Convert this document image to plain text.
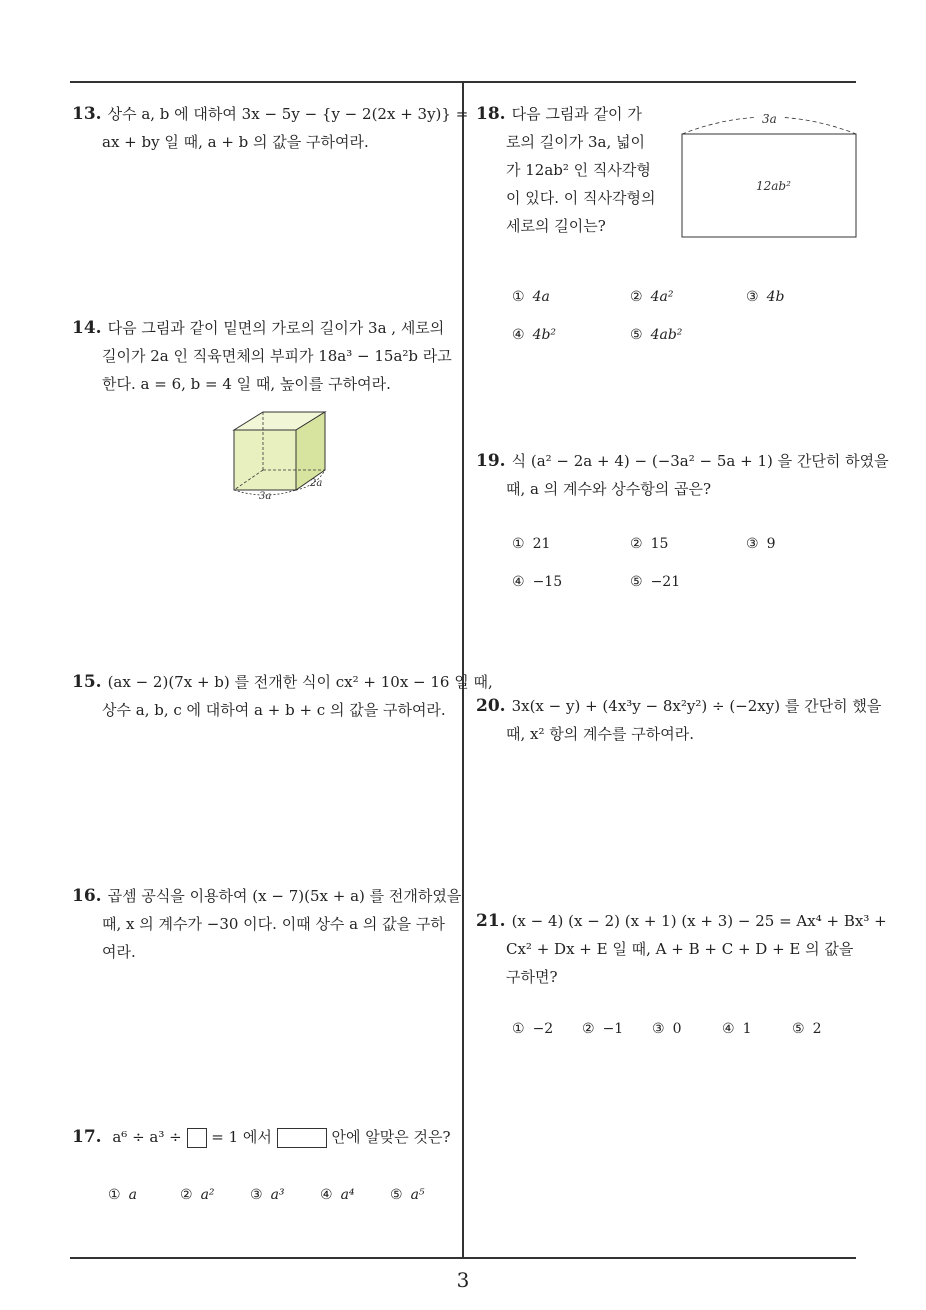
13. 상수 a, b 에 대하여 3x − 5y − {y − 2(2x + 3y)} =
ax + by 일 때, a + b 의 값을 구하여라.
14. 다음 그림과 같이 밑면의 가로의 길이가 3a , 세로의
길이가 2a 인 직육면체의 부피가 18a³ − 15a²b 라고
한다. a = 6, b = 4 일 때, 높이를 구하여라.
3a
2a
15. (ax − 2)(7x + b) 를 전개한 식이 cx² + 10x − 16 일 때,
상수 a, b, c 에 대하여 a + b + c 의 값을 구하여라.
16. 곱셈 공식을 이용하여 (x − 7)(5x + a) 를 전개하였을
때, x 의 계수가 −30 이다. 이때 상수 a 의 값을 구하
여라.
17. a⁶ ÷ a³ ÷ = 1 에서	안에 알맞은 것은?
① a	② a²	③ a³	④ a⁴	⑤ a⁵
18. 다음 그림과 같이 가
로의 길이가 3a, 넓이
가 12ab² 인 직사각형
이 있다. 이 직사각형의
세로의 길이는?
3a
12ab²
① 4a	② 4a²	③ 4b
④ 4b²	⑤ 4ab²
19. 식 (a² − 2a + 4) − (−3a² − 5a + 1) 을 간단히 하였을
때, a 의 계수와 상수항의 곱은?
① 21	② 15	③ 9
④ −15	⑤ −21
20. 3x(x − y) + (4x³y − 8x²y²) ÷ (−2xy) 를 간단히 했을
때, x² 항의 계수를 구하여라.
21. (x − 4) (x − 2) (x + 1) (x + 3) − 25 = Ax⁴ + Bx³ +
Cx² + Dx + E 일 때, A + B + C + D + E 의 값을
구하면?
① −2 ② −1 ③ 0	④ 1	⑤ 2
3
